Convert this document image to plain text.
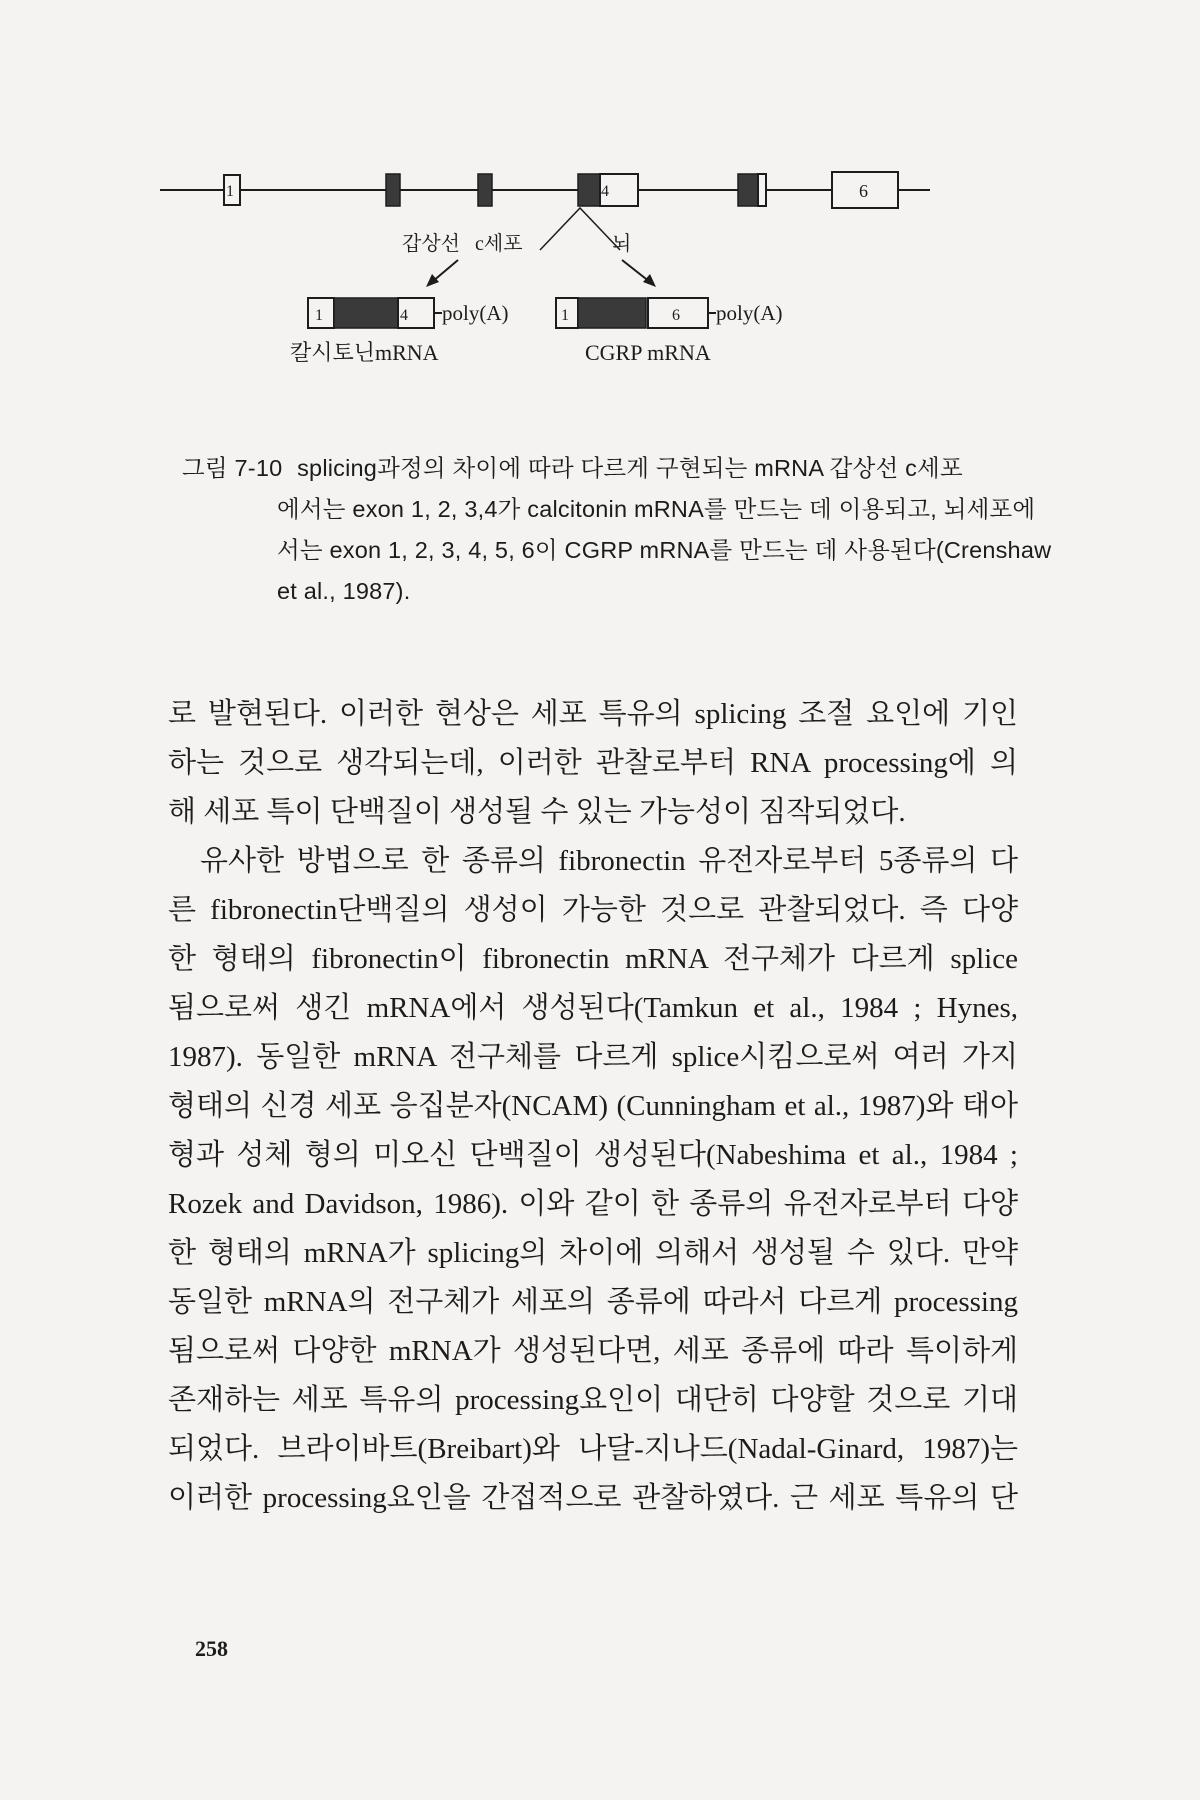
1	4	6
갑상선 c세포	뇌
1	4 poly(A)
칼시토닌mRNA
1	6 poly(A)
CGRP mRNA
그림 7-10 splicing과정의 차이에 따라 다르게 구현되는 mRNA 갑상선 c세포
에서는 exon 1, 2, 3,4가 calcitonin mRNA를 만드는 데 이용되고, 뇌세포에
서는 exon 1, 2, 3, 4, 5, 6이 CGRP mRNA를 만드는 데 사용된다(Crenshaw
et al., 1987).
로 발현된다. 이러한 현상은 세포 특유의 splicing 조절 요인에 기인
하는 것으로 생각되는데, 이러한 관찰로부터 RNA processing에 의
해 세포 특이 단백질이 생성될 수 있는 가능성이 짐작되었다.
유사한 방법으로 한 종류의 fibronectin 유전자로부터 5종류의 다
른 fibronectin단백질의 생성이 가능한 것으로 관찰되었다. 즉 다양
한 형태의 fibronectin이 fibronectin mRNA 전구체가 다르게 splice
됨으로써 생긴 mRNA에서 생성된다(Tamkun et al., 1984 ; Hynes,
1987). 동일한 mRNA 전구체를 다르게 splice시킴으로써 여러 가지
형태의 신경 세포 응집분자(NCAM) (Cunningham et al., 1987)와 태아
형과 성체 형의 미오신 단백질이 생성된다(Nabeshima et al., 1984 ;
Rozek and Davidson, 1986). 이와 같이 한 종류의 유전자로부터 다양
한 형태의 mRNA가 splicing의 차이에 의해서 생성될 수 있다. 만약
동일한 mRNA의 전구체가 세포의 종류에 따라서 다르게 processing
됨으로써 다양한 mRNA가 생성된다면, 세포 종류에 따라 특이하게
존재하는 세포 특유의 processing요인이 대단히 다양할 것으로 기대
되었다. 브라이바트(Breibart)와 나달-지나드(Nadal-Ginard, 1987)는
이러한 processing요인을 간접적으로 관찰하였다. 근 세포 특유의 단
258
